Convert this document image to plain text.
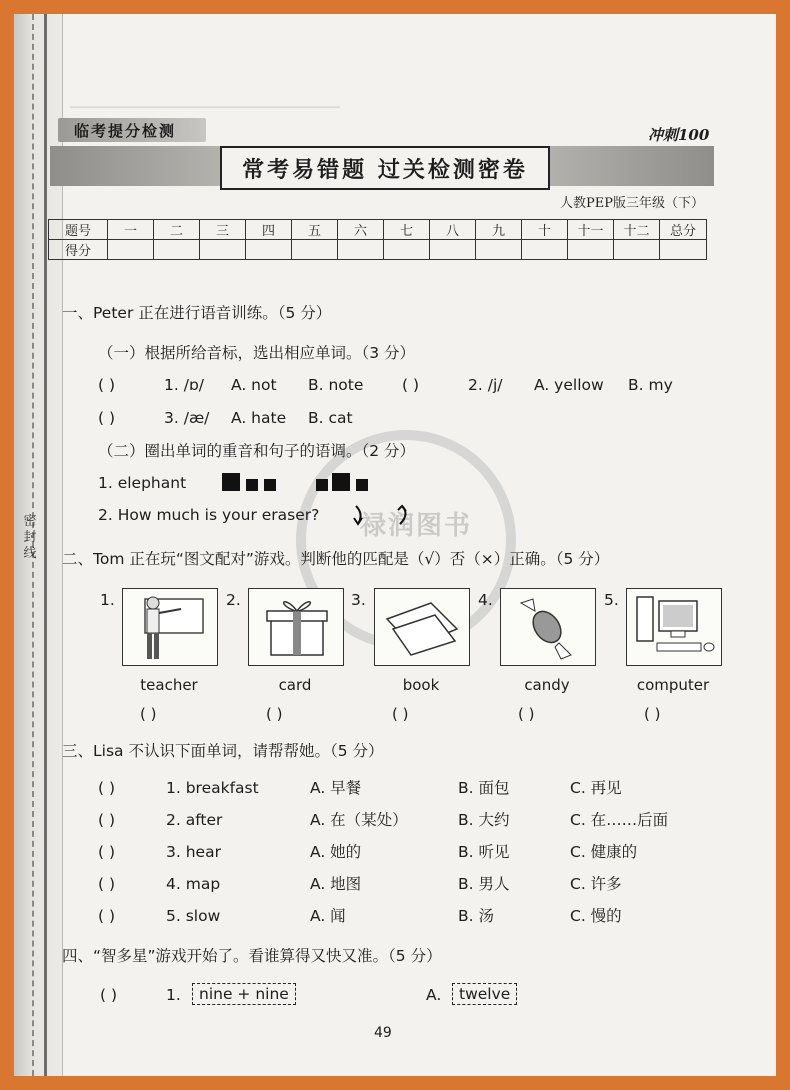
密封线
────────────────────────────────
禄润图书
临考提分检测	冲刺100
常考易错题 过关检测密卷
人教PEP版三年级（下）
题号	一	二	三	四	五	六	七	八	九	十	十一	十二	总分
得分													
一、Peter 正在进行语音训练。（5 分）
（一）根据所给音标，选出相应单词。（3 分）
( )	1. /ɒ/ A. not B. note ( )	2. /j/ A. yellow B. my
( )	3. /æ/ A. hate B. cat
（二）圈出单词的重音和句子的语调。（2 分）
1. elephant
2. How much is your eraser?
二、Tom 正在玩“图文配对”游戏。判断他的匹配是（√）否（×）正确。（5 分）
1.	2.	3.	4.	5.
teacher	card	book	candy	computer
( )	( )	( )	( )	( )
三、Lisa 不认识下面单词，请帮帮她。（5 分）
( )	1. breakfast	A. 早餐	B. 面包	C. 再见
( )	2. after	A. 在（某处）	B. 大约	C. 在……后面
( )	3. hear	A. 她的	B. 听见	C. 健康的
( )	4. map	A. 地图	B. 男人	C. 许多
( )	5. slow	A. 闻	B. 汤	C. 慢的
四、“智多星”游戏开始了。看谁算得又快又准。（5 分）
( )	1.	nine + nine	A.	twelve
49
